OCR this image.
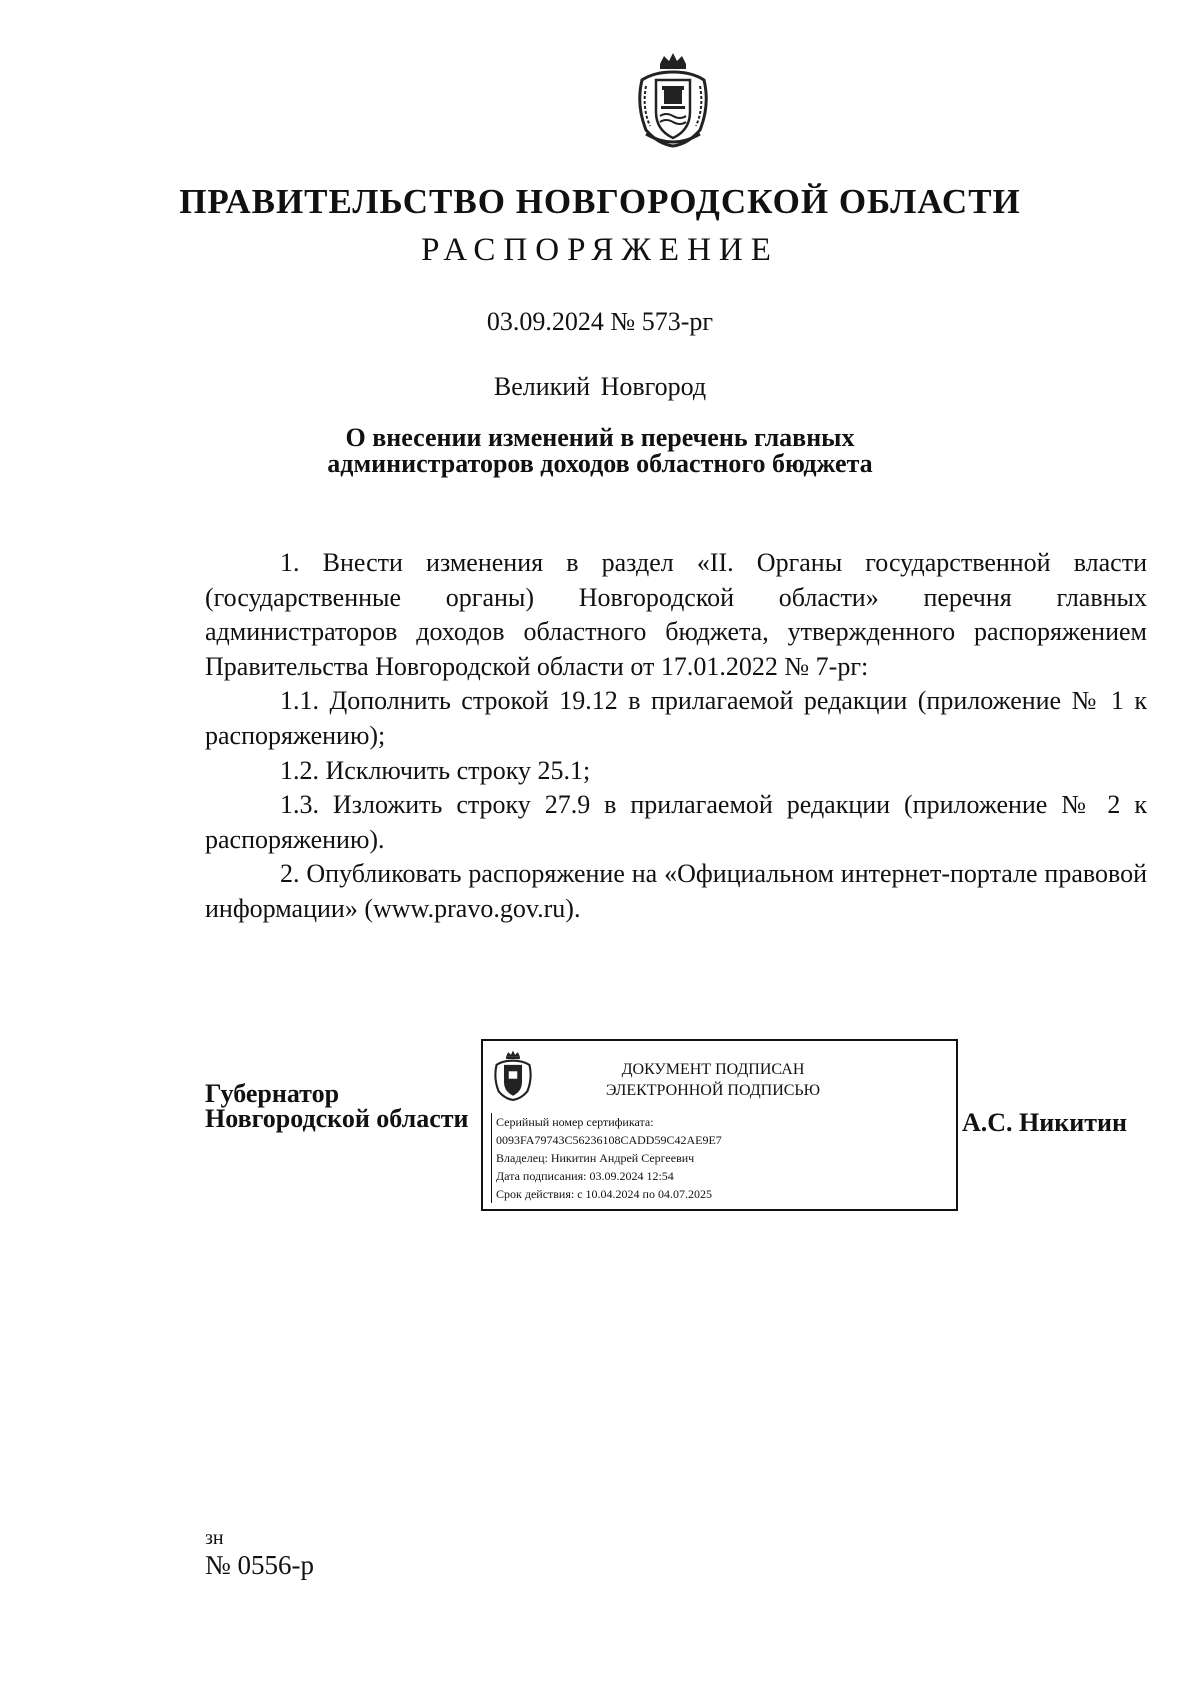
ПРАВИТЕЛЬСТВО НОВГОРОДСКОЙ ОБЛАСТИ
РАСПОРЯЖЕНИЕ
03.09.2024 № 573-рг
Великий Новгород
О внесении изменений в перечень главных
администраторов доходов областного бюджета

1. Внести изменения в раздел «II. Органы государственной власти (государственные органы) Новгородской области» перечня главных администраторов доходов областного бюджета, утвержденного распоряжением Правительства Новгородской области от 17.01.2022 № 7-рг:

1.1. Дополнить строкой 19.12 в прилагаемой редакции (приложение № 1 к распоряжению);

1.2. Исключить строку 25.1;

1.3. Изложить строку 27.9 в прилагаемой редакции (приложение № 2 к распоряжению).

2. Опубликовать распоряжение на «Официальном интернет-портале правовой информации» (www.pravo.gov.ru).

Губернатор
Новгородской области
ДОКУМЕНТ ПОДПИСАН
ЭЛЕКТРОННОЙ ПОДПИСЬЮ
Серийный номер сертификата:
0093FA79743C56236108CADD59C42AE9E7
Владелец: Никитин Андрей Сергеевич
Дата подписания: 03.09.2024 12:54
Срок действия: с 10.04.2024 по 04.07.2025
А.С. Никитин
зн
№ 0556-р
